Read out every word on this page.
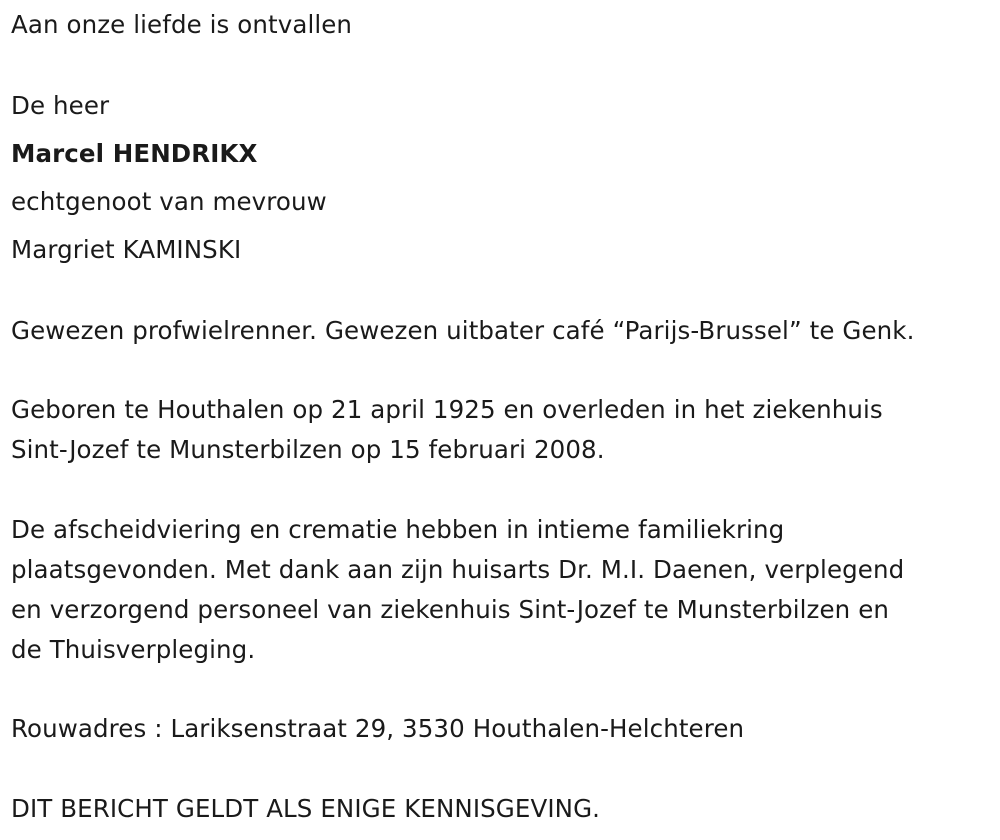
Aan onze liefde is ontvallen
De heer
Marcel HENDRIKX
echtgenoot van mevrouw
Margriet KAMINSKI
Gewezen profwielrenner. Gewezen uitbater café “Parijs-Brussel” te Genk.
Geboren te Houthalen op 21 april 1925 en overleden in het ziekenhuis
Sint-Jozef te Munsterbilzen op 15 februari 2008.
De afscheidviering en crematie hebben in intieme familiekring
plaatsgevonden. Met dank aan zijn huisarts Dr. M.I. Daenen, verplegend
en verzorgend personeel van ziekenhuis Sint-Jozef te Munsterbilzen en
de Thuisverpleging.
Rouwadres : Lariksenstraat 29, 3530 Houthalen-Helchteren
DIT BERICHT GELDT ALS ENIGE KENNISGEVING.
